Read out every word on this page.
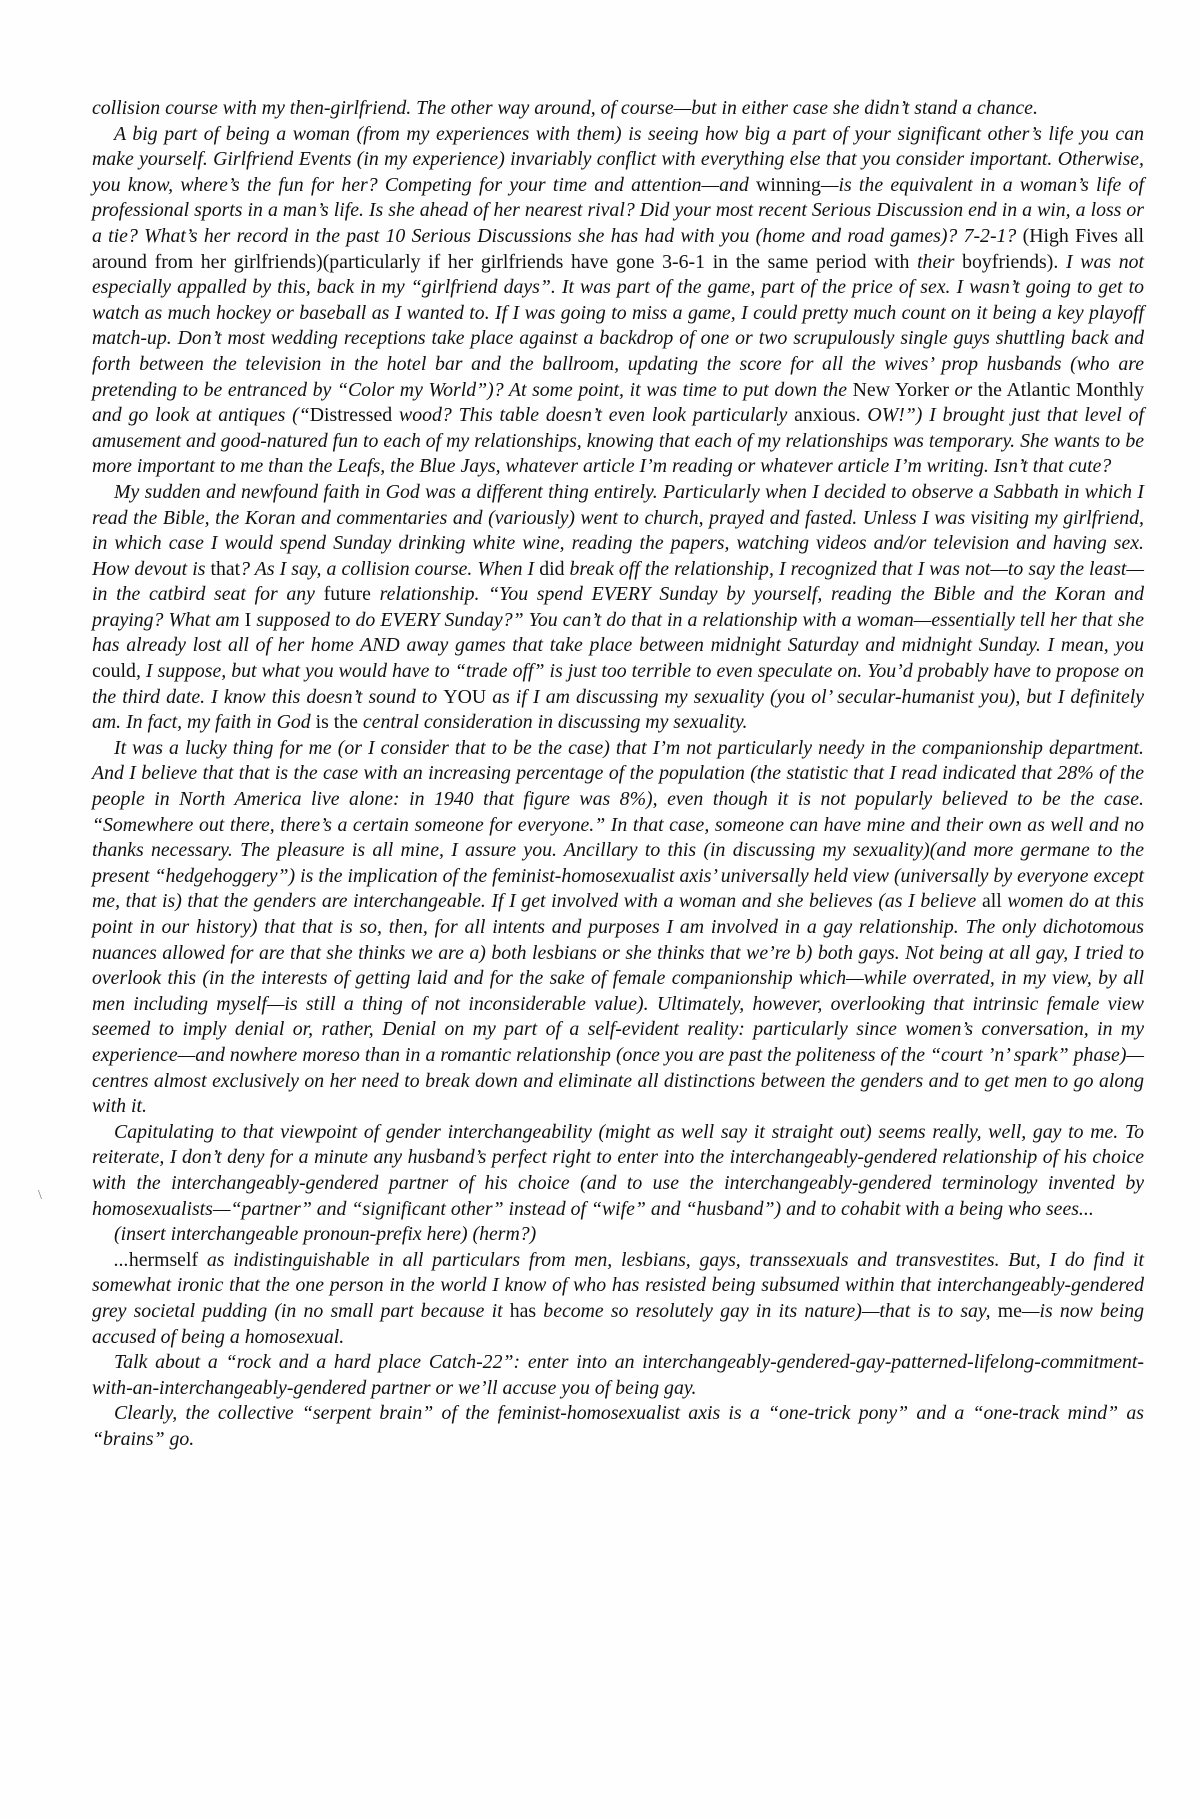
\

collision course with my then-girlfriend. The other way around, of course—but in either case she didn’t stand a chance.

A big part of being a woman (from my experiences with them) is seeing how big a part of your significant other’s life you can make yourself. Girlfriend Events (in my experience) invariably conflict with everything else that you consider important. Otherwise, you know, where’s the fun for her? Competing for your time and attention—and winning—is the equivalent in a woman’s life of professional sports in a man’s life. Is she ahead of her nearest rival? Did your most recent Serious Discussion end in a win, a loss or a tie? What’s her record in the past 10 Serious Discussions she has had with you (home and road games)? 7-2-1? (High Fives all around from her girlfriends)(particularly if her girlfriends have gone 3-6-1 in the same period with their boyfriends). I was not especially appalled by this, back in my “girlfriend days”. It was part of the game, part of the price of sex. I wasn’t going to get to watch as much hockey or baseball as I wanted to. If I was going to miss a game, I could pretty much count on it being a key playoff match-up. Don’t most wedding receptions take place against a backdrop of one or two scrupulously single guys shuttling back and forth between the television in the hotel bar and the ballroom, updating the score for all the wives’ prop husbands (who are pretending to be entranced by “Color my World”)? At some point, it was time to put down the New Yorker or the Atlantic Monthly and go look at antiques (“Distressed wood? This table doesn’t even look particularly anxious. OW!”) I brought just that level of amusement and good-natured fun to each of my relationships, knowing that each of my relationships was temporary. She wants to be more important to me than the Leafs, the Blue Jays, whatever article I’m reading or whatever article I’m writing. Isn’t that cute?

My sudden and newfound faith in God was a different thing entirely. Particularly when I decided to observe a Sabbath in which I read the Bible, the Koran and commentaries and (variously) went to church, prayed and fasted. Unless I was visiting my girlfriend, in which case I would spend Sunday drinking white wine, reading the papers, watching videos and/or television and having sex. How devout is that? As I say, a collision course. When I did break off the relationship, I recognized that I was not—to say the least—in the catbird seat for any future relationship. “You spend EVERY Sunday by yourself, reading the Bible and the Koran and praying? What am I supposed to do EVERY Sunday?” You can’t do that in a relationship with a woman—essentially tell her that she has already lost all of her home AND away games that take place between midnight Saturday and midnight Sunday. I mean, you could, I suppose, but what you would have to “trade off” is just too terrible to even speculate on. You’d probably have to propose on the third date. I know this doesn’t sound to YOU as if I am discussing my sexuality (you ol’ secular-humanist you), but I definitely am. In fact, my faith in God is the central consideration in discussing my sexuality.

It was a lucky thing for me (or I consider that to be the case) that I’m not particularly needy in the companionship department. And I believe that that is the case with an increasing percentage of the population (the statistic that I read indicated that 28% of the people in North America live alone: in 1940 that figure was 8%), even though it is not popularly believed to be the case. “Somewhere out there, there’s a certain someone for everyone.” In that case, someone can have mine and their own as well and no thanks necessary. The pleasure is all mine, I assure you. Ancillary to this (in discussing my sexuality)(and more germane to the present “hedgehoggery”) is the implication of the feminist-homosexualist axis’ universally held view (universally by everyone except me, that is) that the genders are interchangeable. If I get involved with a woman and she believes (as I believe all women do at this point in our history) that that is so, then, for all intents and purposes I am involved in a gay relationship. The only dichotomous nuances allowed for are that she thinks we are a) both lesbians or she thinks that we’re b) both gays. Not being at all gay, I tried to overlook this (in the interests of getting laid and for the sake of female companionship which—while overrated, in my view, by all men including myself—is still a thing of not inconsiderable value). Ultimately, however, overlooking that intrinsic female view seemed to imply denial or, rather, Denial on my part of a self-evident reality: particularly since women’s conversation, in my experience—and nowhere moreso than in a romantic relationship (once you are past the politeness of the “court ’n’ spark” phase)—centres almost exclusively on her need to break down and eliminate all distinctions between the genders and to get men to go along with it.

Capitulating to that viewpoint of gender interchangeability (might as well say it straight out) seems really, well, gay to me. To reiterate, I don’t deny for a minute any husband’s perfect right to enter into the interchangeably-gendered relationship of his choice with the interchangeably-gendered partner of his choice (and to use the interchangeably-gendered terminology invented by homosexualists—“partner” and “significant other” instead of “wife” and “husband”) and to cohabit with a being who sees...

(insert interchangeable pronoun-prefix here) (herm?)

...hermself as indistinguishable in all particulars from men, lesbians, gays, transsexuals and transvestites. But, I do find it somewhat ironic that the one person in the world I know of who has resisted being subsumed within that interchangeably-gendered grey societal pudding (in no small part because it has become so resolutely gay in its nature)—that is to say, me—is now being accused of being a homosexual.

Talk about a “rock and a hard place Catch-22”: enter into an interchangeably-gendered-gay-patterned-lifelong-commitment-with-an-interchangeably-gendered partner or we’ll accuse you of being gay.

Clearly, the collective “serpent brain” of the feminist-homosexualist axis is a “one-trick pony” and a “one-track mind” as “brains” go.
